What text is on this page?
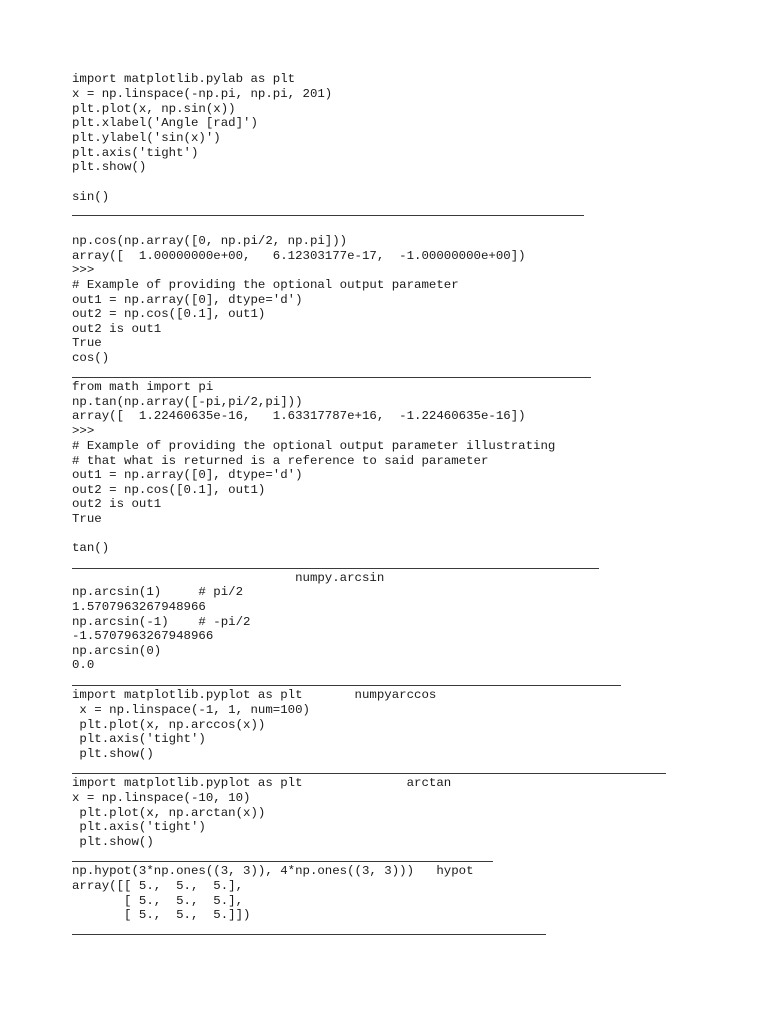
import matplotlib.pylab as plt
x = np.linspace(-np.pi, np.pi, 201)
plt.plot(x, np.sin(x))
plt.xlabel('Angle [rad]')
plt.ylabel('sin(x)')
plt.axis('tight')
plt.show()
sin()
np.cos(np.array([0, np.pi/2, np.pi]))
array([  1.00000000e+00,   6.12303177e-17,  -1.00000000e+00])
>>>
# Example of providing the optional output parameter
out1 = np.array([0], dtype='d')
out2 = np.cos([0.1], out1)
out2 is out1
True
cos()
from math import pi
np.tan(np.array([-pi,pi/2,pi]))
array([  1.22460635e-16,   1.63317787e+16,  -1.22460635e-16])
>>>
# Example of providing the optional output parameter illustrating
# that what is returned is a reference to said parameter
out1 = np.array([0], dtype='d')
out2 = np.cos([0.1], out1)
out2 is out1
True
tan()
numpy.arcsin
np.arcsin(1)     # pi/2
1.5707963267948966
np.arcsin(-1)    # -pi/2
-1.5707963267948966
np.arcsin(0)
0.0
import matplotlib.pyplot as plt       numpyarccos
x = np.linspace(-1, 1, num=100)
plt.plot(x, np.arccos(x))
plt.axis('tight')
plt.show()
import matplotlib.pyplot as plt              arctan
x = np.linspace(-10, 10)
plt.plot(x, np.arctan(x))
plt.axis('tight')
plt.show()
np.hypot(3*np.ones((3, 3)), 4*np.ones((3, 3)))   hypot
array([[ 5.,  5.,  5.],
[ 5.,  5.,  5.],
[ 5.,  5.,  5.]])
